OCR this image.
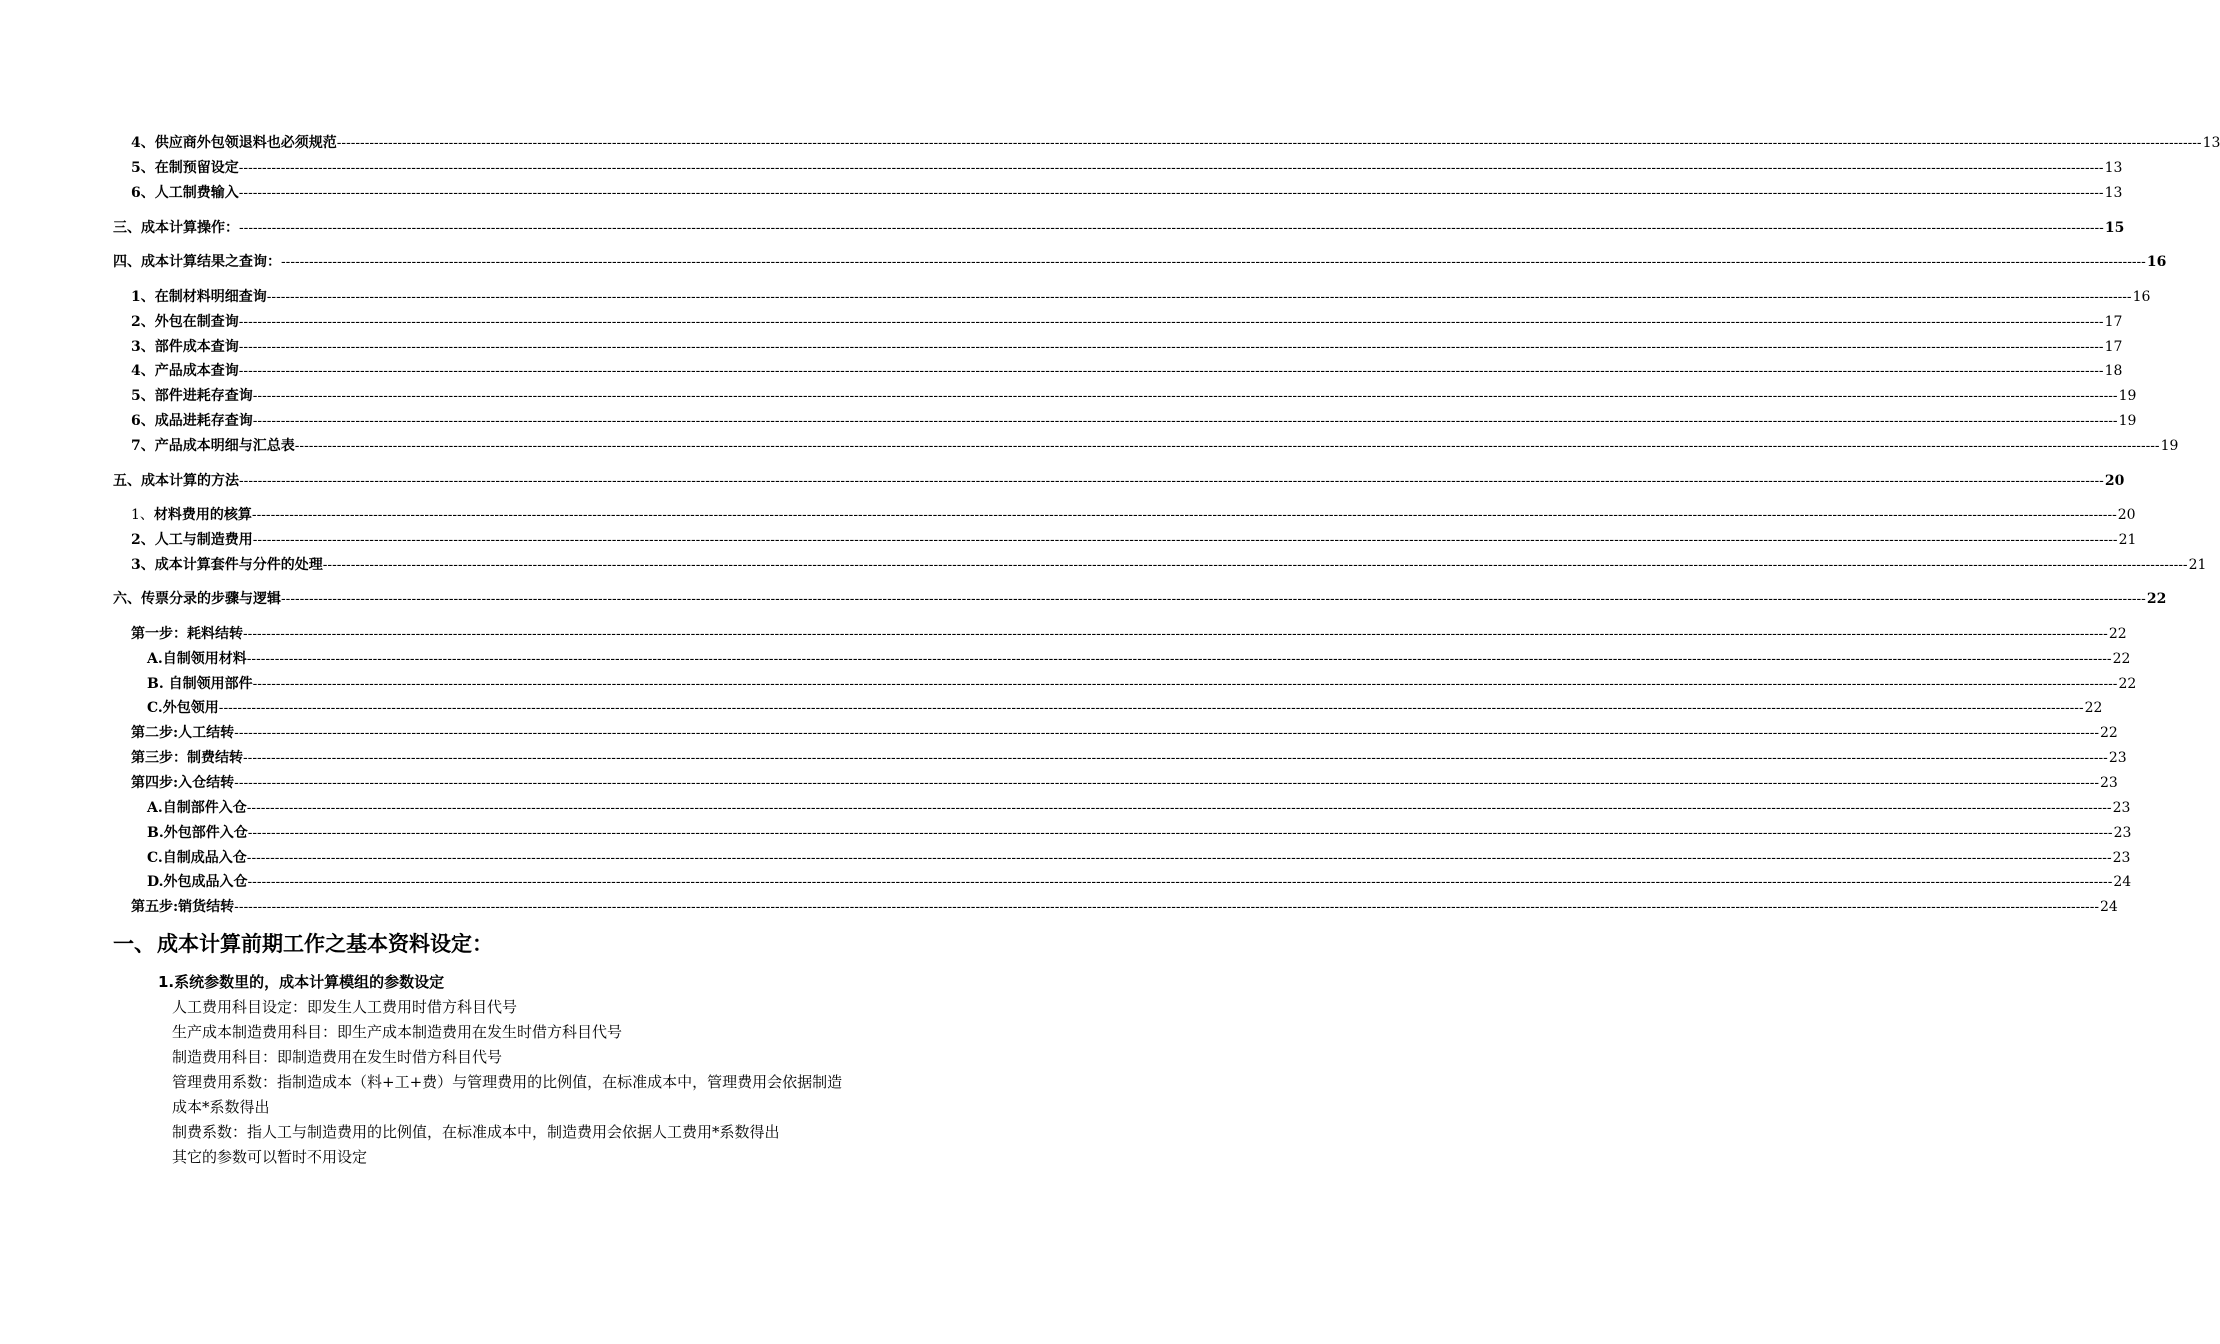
4、 供应商外包领退料也必须规范 ---------------------------------------------------------------------------------------------------------------------------------------------------------------------------------------------------------------------------------------------------------------------------------------------------------------------------------------------------------------------------------------------------------------- 13
5、 在制预留设定 ---------------------------------------------------------------------------------------------------------------------------------------------------------------------------------------------------------------------------------------------------------------------------------------------------------------------------------------------------------------------------------------------------------------- 13
6、 人工制费输入 ---------------------------------------------------------------------------------------------------------------------------------------------------------------------------------------------------------------------------------------------------------------------------------------------------------------------------------------------------------------------------------------------------------------- 13
三、 成本计算操作： ---------------------------------------------------------------------------------------------------------------------------------------------------------------------------------------------------------------------------------------------------------------------------------------------------------------------------------------------------------------------------------------------------------------- 15
四、 成本计算结果之查询： ---------------------------------------------------------------------------------------------------------------------------------------------------------------------------------------------------------------------------------------------------------------------------------------------------------------------------------------------------------------------------------------------------------------- 16
1、 在制材料明细查询 ---------------------------------------------------------------------------------------------------------------------------------------------------------------------------------------------------------------------------------------------------------------------------------------------------------------------------------------------------------------------------------------------------------------- 16
2、 外包在制查询 ---------------------------------------------------------------------------------------------------------------------------------------------------------------------------------------------------------------------------------------------------------------------------------------------------------------------------------------------------------------------------------------------------------------- 17
3、 部件成本查询 ---------------------------------------------------------------------------------------------------------------------------------------------------------------------------------------------------------------------------------------------------------------------------------------------------------------------------------------------------------------------------------------------------------------- 17
4、 产品成本查询 ---------------------------------------------------------------------------------------------------------------------------------------------------------------------------------------------------------------------------------------------------------------------------------------------------------------------------------------------------------------------------------------------------------------- 18
5、 部件进耗存查询 ---------------------------------------------------------------------------------------------------------------------------------------------------------------------------------------------------------------------------------------------------------------------------------------------------------------------------------------------------------------------------------------------------------------- 19
6、 成品进耗存查询 ---------------------------------------------------------------------------------------------------------------------------------------------------------------------------------------------------------------------------------------------------------------------------------------------------------------------------------------------------------------------------------------------------------------- 19
7、 产品成本明细与汇总表 ---------------------------------------------------------------------------------------------------------------------------------------------------------------------------------------------------------------------------------------------------------------------------------------------------------------------------------------------------------------------------------------------------------------- 19
五、 成本计算的方法 ---------------------------------------------------------------------------------------------------------------------------------------------------------------------------------------------------------------------------------------------------------------------------------------------------------------------------------------------------------------------------------------------------------------- 20
1、 材料费用的核算 ---------------------------------------------------------------------------------------------------------------------------------------------------------------------------------------------------------------------------------------------------------------------------------------------------------------------------------------------------------------------------------------------------------------- 20
2、 人工与制造费用 ---------------------------------------------------------------------------------------------------------------------------------------------------------------------------------------------------------------------------------------------------------------------------------------------------------------------------------------------------------------------------------------------------------------- 21
3、 成本计算套件与分件的处理 ---------------------------------------------------------------------------------------------------------------------------------------------------------------------------------------------------------------------------------------------------------------------------------------------------------------------------------------------------------------------------------------------------------------- 21
六、 传票分录的步骤与逻辑 ---------------------------------------------------------------------------------------------------------------------------------------------------------------------------------------------------------------------------------------------------------------------------------------------------------------------------------------------------------------------------------------------------------------- 22
第一步：耗料结转 ---------------------------------------------------------------------------------------------------------------------------------------------------------------------------------------------------------------------------------------------------------------------------------------------------------------------------------------------------------------------------------------------------------------- 22
A.自制领用材料 ---------------------------------------------------------------------------------------------------------------------------------------------------------------------------------------------------------------------------------------------------------------------------------------------------------------------------------------------------------------------------------------------------------------- 22
B. 自制领用部件 ---------------------------------------------------------------------------------------------------------------------------------------------------------------------------------------------------------------------------------------------------------------------------------------------------------------------------------------------------------------------------------------------------------------- 22
C.外包领用 ---------------------------------------------------------------------------------------------------------------------------------------------------------------------------------------------------------------------------------------------------------------------------------------------------------------------------------------------------------------------------------------------------------------- 22
第二步:人工结转 ---------------------------------------------------------------------------------------------------------------------------------------------------------------------------------------------------------------------------------------------------------------------------------------------------------------------------------------------------------------------------------------------------------------- 22
第三步：制费结转 ---------------------------------------------------------------------------------------------------------------------------------------------------------------------------------------------------------------------------------------------------------------------------------------------------------------------------------------------------------------------------------------------------------------- 23
第四步:入仓结转 ---------------------------------------------------------------------------------------------------------------------------------------------------------------------------------------------------------------------------------------------------------------------------------------------------------------------------------------------------------------------------------------------------------------- 23
A.自制部件入仓 ---------------------------------------------------------------------------------------------------------------------------------------------------------------------------------------------------------------------------------------------------------------------------------------------------------------------------------------------------------------------------------------------------------------- 23
B.外包部件入仓 ---------------------------------------------------------------------------------------------------------------------------------------------------------------------------------------------------------------------------------------------------------------------------------------------------------------------------------------------------------------------------------------------------------------- 23
C.自制成品入仓 ---------------------------------------------------------------------------------------------------------------------------------------------------------------------------------------------------------------------------------------------------------------------------------------------------------------------------------------------------------------------------------------------------------------- 23
D.外包成品入仓 ---------------------------------------------------------------------------------------------------------------------------------------------------------------------------------------------------------------------------------------------------------------------------------------------------------------------------------------------------------------------------------------------------------------- 24
第五步:销货结转 ---------------------------------------------------------------------------------------------------------------------------------------------------------------------------------------------------------------------------------------------------------------------------------------------------------------------------------------------------------------------------------------------------------------- 24
一、成本计算前期工作之基本资料设定：
1.系统参数里的，成本计算模组的参数设定

人工费用科目设定：即发生人工费用时借方科目代号

生产成本制造费用科目：即生产成本制造费用在发生时借方科目代号

制造费用科目：即制造费用在发生时借方科目代号

管理费用系数：指制造成本（料+工+费）与管理费用的比例值，在标准成本中，管理费用会依据制造成本*系数得出

制费系数：指人工与制造费用的比例值，在标准成本中，制造费用会依据人工费用*系数得出

其它的参数可以暂时不用设定
